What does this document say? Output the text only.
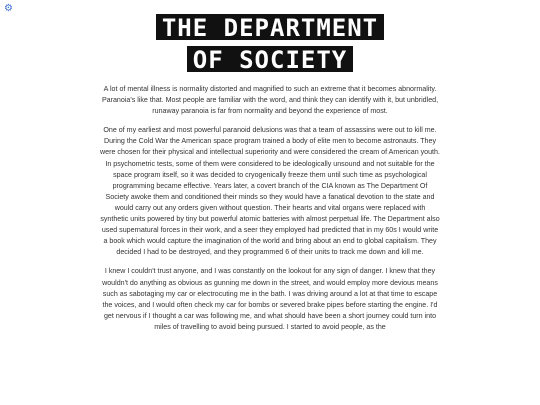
⚙
THE DEPARTMENT
OF SOCIETY

A lot of mental illness is normality distorted and magnified to such an extreme that it becomes abnormality. Paranoia's like that. Most people are familiar with the word, and think they can identify with it, but unbridled, runaway paranoia is far from normality and beyond the experience of most.

One of my earliest and most powerful paranoid delusions was that a team of assassins were out to kill me. During the Cold War the American space program trained a body of elite men to become astronauts. They were chosen for their physical and intellectual superiority and were considered the cream of American youth. In psychometric tests, some of them were considered to be ideologically unsound and not suitable for the space program itself, so it was decided to cryogenically freeze them until such time as psychological programming became effective. Years later, a covert branch of the CIA known as The Department Of Society awoke them and conditioned their minds so they would have a fanatical devotion to the state and would carry out any orders given without question. Their hearts and vital organs were replaced with synthetic units powered by tiny but powerful atomic batteries with almost perpetual life. The Department also used supernatural forces in their work, and a seer they employed had predicted that in my 60s I would write a book which would capture the imagination of the world and bring about an end to global capitalism. They decided I had to be destroyed, and they programmed 6 of their units to track me down and kill me.

I knew I couldn't trust anyone, and I was constantly on the lookout for any sign of danger. I knew that they wouldn't do anything as obvious as gunning me down in the street, and would employ more devious means such as sabotaging my car or electrocuting me in the bath. I was driving around a lot at that time to escape the voices, and I would often check my car for bombs or severed brake pipes before starting the engine. I'd get nervous if I thought a car was following me, and what should have been a short journey could turn into miles of travelling to avoid being pursued. I started to avoid people, as the
